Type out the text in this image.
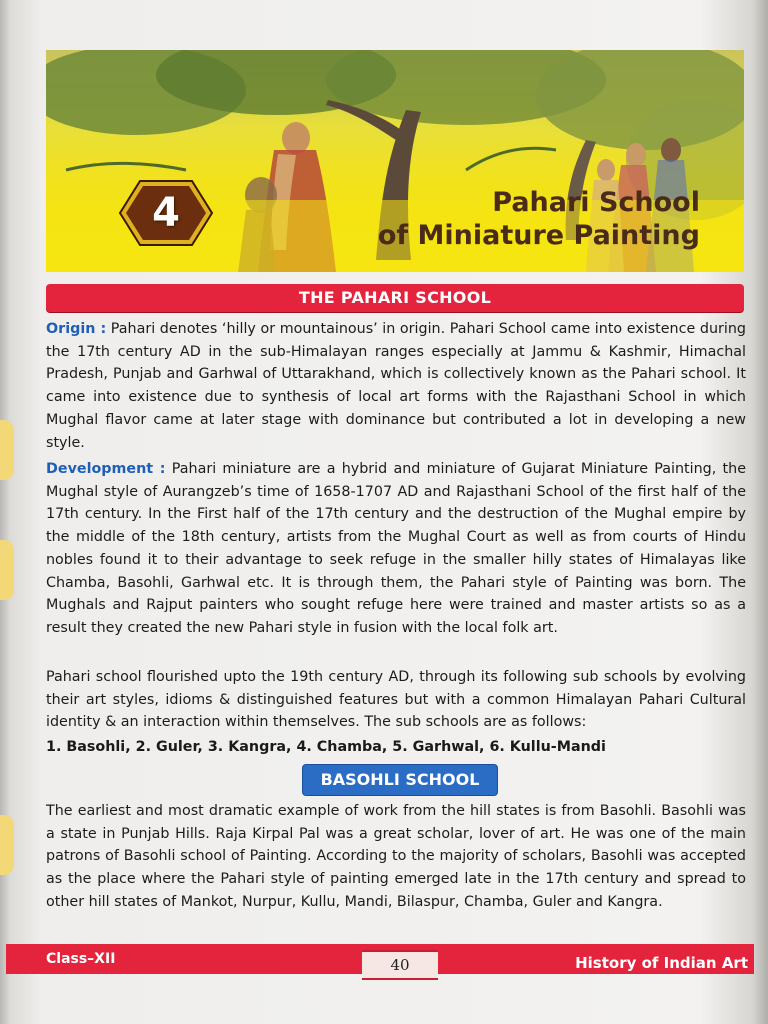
4	Pahari School
of Miniature Painting
THE PAHARI SCHOOL
Origin : Pahari denotes ‘hilly or mountainous’ in origin. Pahari School came into existence during the 17th century AD in the sub-Himalayan ranges especially at Jammu & Kashmir, Himachal Pradesh, Punjab and Garhwal of Uttarakhand, which is collectively known as the Pahari school. It came into existence due to synthesis of local art forms with the Rajasthani School in which Mughal flavor came at later stage with dominance but contributed a lot in developing a new style.
Development : Pahari miniature are a hybrid and miniature of Gujarat Miniature Painting, the Mughal style of Aurangzeb’s time of 1658-1707 AD and Rajasthani School of the first half of the 17th century. In the First half of the 17th century and the destruction of the Mughal empire by the middle of the 18th century, artists from the Mughal Court as well as from courts of Hindu nobles found it to their advantage to seek refuge in the smaller hilly states of Himalayas like Chamba, Basohli, Garhwal etc. It is through them, the Pahari style of Painting was born. The Mughals and Rajput painters who sought refuge here were trained and master artists so as a result they created the new Pahari style in fusion with the local folk art.
Pahari school flourished upto the 19th century AD, through its following sub schools by evolving their art styles, idioms & distinguished features but with a common Himalayan Pahari Cultural identity & an interaction within themselves. The sub schools are as follows:
1. Basohli, 2. Guler, 3. Kangra, 4. Chamba, 5. Garhwal, 6. Kullu-Mandi
BASOHLI SCHOOL
The earliest and most dramatic example of work from the hill states is from Basohli. Basohli was a state in Punjab Hills. Raja Kirpal Pal was a great scholar, lover of art. He was one of the main patrons of Basohli school of Painting. According to the majority of scholars, Basohli was accepted as the place where the Pahari style of painting emerged late in the 17th century and spread to other hill states of Mankot, Nurpur, Kullu, Mandi, Bilaspur, Chamba, Guler and Kangra.
Class–XII	40	History of Indian Art
